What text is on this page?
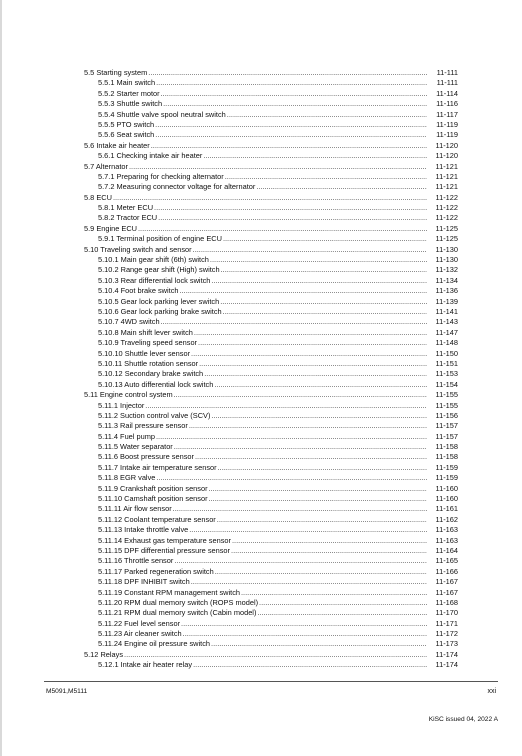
5.5 Starting system .....	11-111
5.5.1 Main switch .....	11-111
5.5.2 Starter motor .....	11-114
5.5.3 Shuttle switch .....	11-116
5.5.4 Shuttle valve spool neutral switch .....	11-117
5.5.5 PTO switch .....	11-119
5.5.6 Seat switch .....	11-119
5.6 Intake air heater .....	11-120
5.6.1 Checking intake air heater .....	11-120
5.7 Alternator .....	11-121
5.7.1 Preparing for checking alternator .....	11-121
5.7.2 Measuring connector voltage for alternator .....	11-121
5.8 ECU .....	11-122
5.8.1 Meter ECU .....	11-122
5.8.2 Tractor ECU .....	11-122
5.9 Engine ECU .....	11-125
5.9.1 Terminal position of engine ECU .....	11-125
5.10 Traveling switch and sensor .....	11-130
5.10.1 Main gear shift (6th) switch .....	11-130
5.10.2 Range gear shift (High) switch .....	11-132
5.10.3 Rear differential lock switch .....	11-134
5.10.4 Foot brake switch .....	11-136
5.10.5 Gear lock parking lever switch .....	11-139
5.10.6 Gear lock parking brake switch .....	11-141
5.10.7 4WD switch .....	11-143
5.10.8 Main shift lever switch .....	11-147
5.10.9 Traveling speed sensor .....	11-148
5.10.10 Shuttle lever sensor .....	11-150
5.10.11 Shuttle rotation sensor .....	11-151
5.10.12 Secondary brake switch .....	11-153
5.10.13 Auto differential lock switch .....	11-154
5.11 Engine control system .....	11-155
5.11.1 Injector .....	11-155
5.11.2 Suction control valve (SCV) .....	11-156
5.11.3 Rail pressure sensor .....	11-157
5.11.4 Fuel pump .....	11-157
5.11.5 Water separator .....	11-158
5.11.6 Boost pressure sensor .....	11-158
5.11.7 Intake air temperature sensor .....	11-159
5.11.8 EGR valve .....	11-159
5.11.9 Crankshaft position sensor .....	11-160
5.11.10 Camshaft position sensor .....	11-160
5.11.11 Air flow sensor .....	11-161
5.11.12 Coolant temperature sensor .....	11-162
5.11.13 Intake throttle valve .....	11-163
5.11.14 Exhaust gas temperature sensor .....	11-163
5.11.15 DPF differential pressure sensor .....	11-164
5.11.16 Throttle sensor .....	11-165
5.11.17 Parked regeneration switch .....	11-166
5.11.18 DPF INHIBIT switch .....	11-167
5.11.19 Constant RPM management switch .....	11-167
5.11.20 RPM dual memory switch (ROPS model) .....	11-168
5.11.21 RPM dual memory switch (Cabin model) .....	11-170
5.11.22 Fuel level sensor .....	11-171
5.11.23 Air cleaner switch .....	11-172
5.11.24 Engine oil pressure switch .....	11-173
5.12 Relays .....	11-174
5.12.1 Intake air heater relay .....	11-174
M5091,M5111	xxi
KiSC issued 04, 2022 A
